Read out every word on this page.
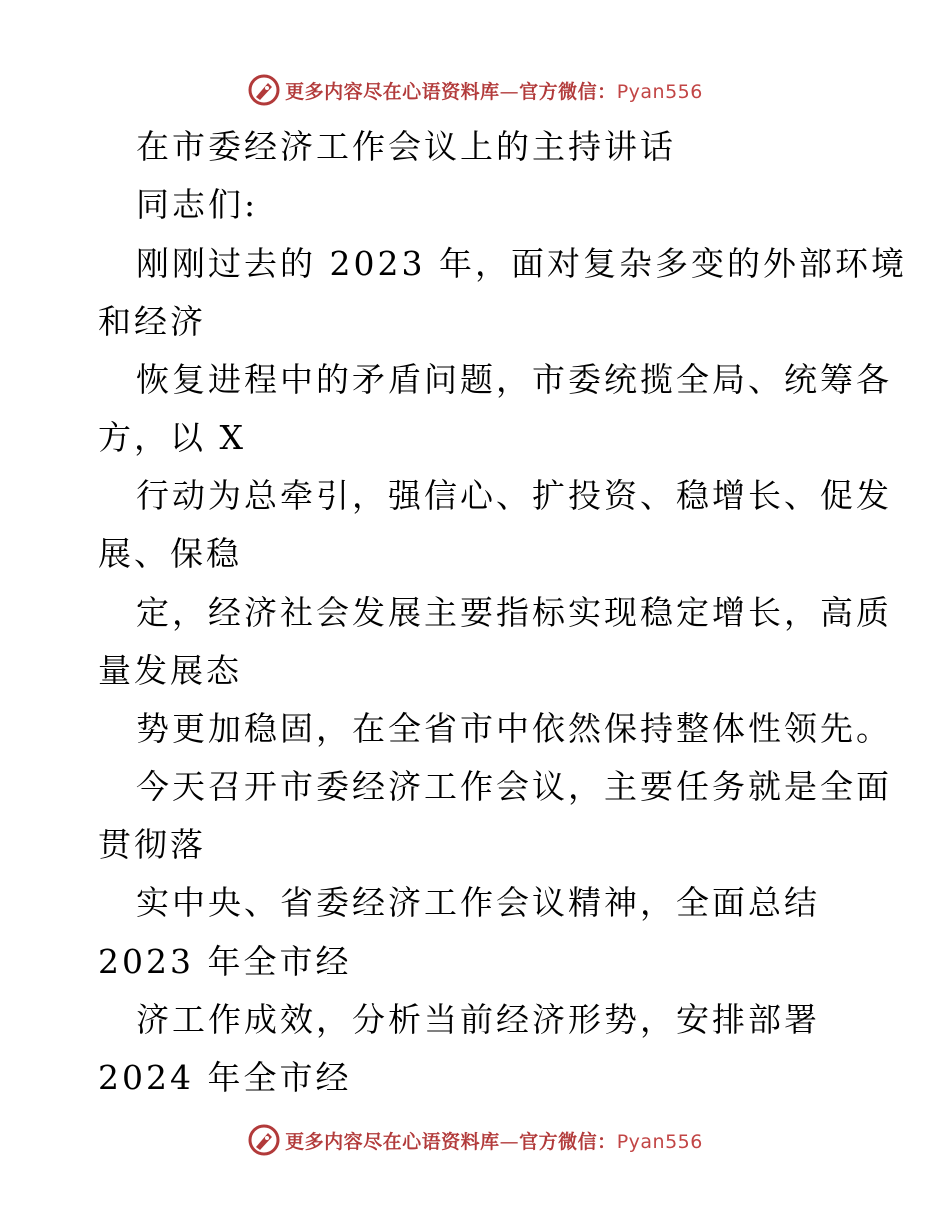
更多内容尽在心语资料库—官方微信：Pyan556
在市委经济工作会议上的主持讲话
同志们:
刚刚过去的 2023 年，面对复杂多变的外部环境
和经济
恢复进程中的矛盾问题，市委统揽全局、统筹各
方，以 X
行动为总牵引，强信心、扩投资、稳增长、促发
展、保稳
定，经济社会发展主要指标实现稳定增长，高质
量发展态
势更加稳固，在全省市中依然保持整体性领先。
今天召开市委经济工作会议，主要任务就是全面
贯彻落
实中央、省委经济工作会议精神，全面总结
2023 年全市经
济工作成效，分析当前经济形势，安排部署
2024 年全市经
更多内容尽在心语资料库—官方微信：Pyan556
